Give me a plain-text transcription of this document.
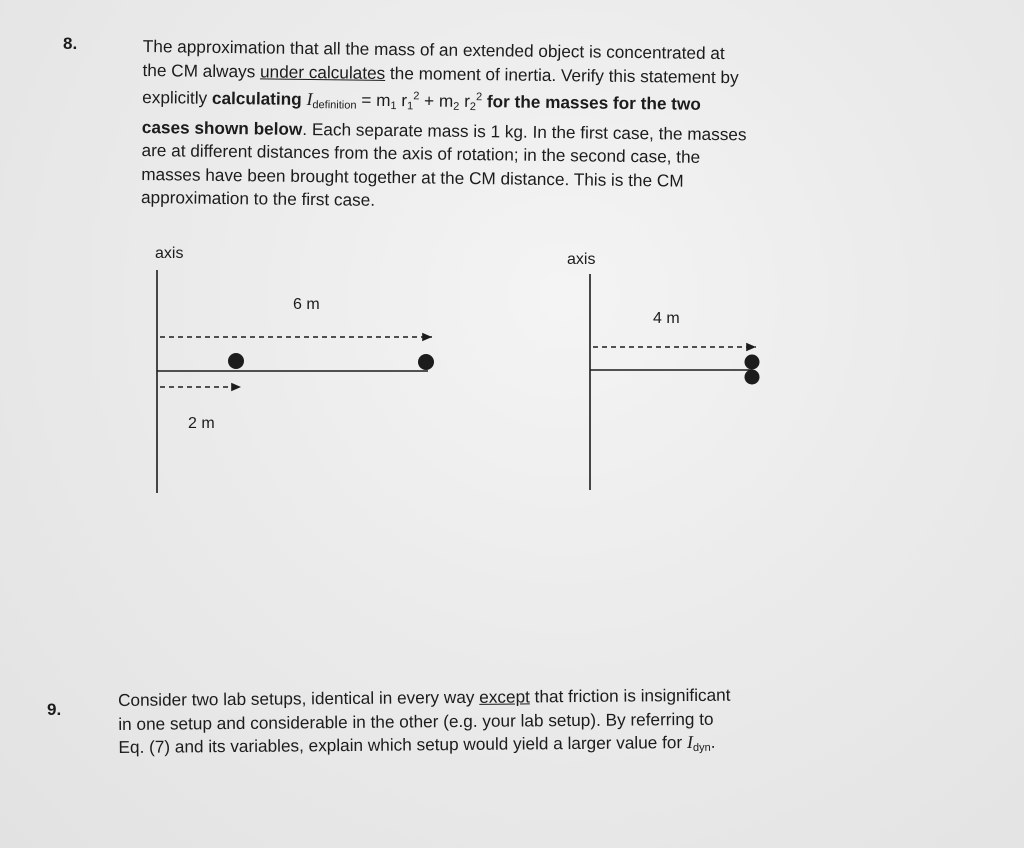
8.	The approximation that all the mass of an extended object is concentrated at

the CM always under calculates the moment of inertia. Verify this statement by

explicitly calculating $I_{definition} = m_1$ $r_1^2 + m_2$ $r_2^2$ for the masses for the two

cases shown below. Each separate mass is 1 kg. In the first case, the masses

are at different distances from the axis of rotation; in the second case, the

masses have been brought together at the CM distance. This is the CM

approximation to the first case.

axis
6 m
2 m
axis
4 m
9.	Consider two lab setups, identical in every way except that friction is insignificant

in one setup and considerable in the other (e.g. your lab setup). By referring to

Eq. (7) and its variables, explain which setup would yield a larger value for $I_{dyn}$.
